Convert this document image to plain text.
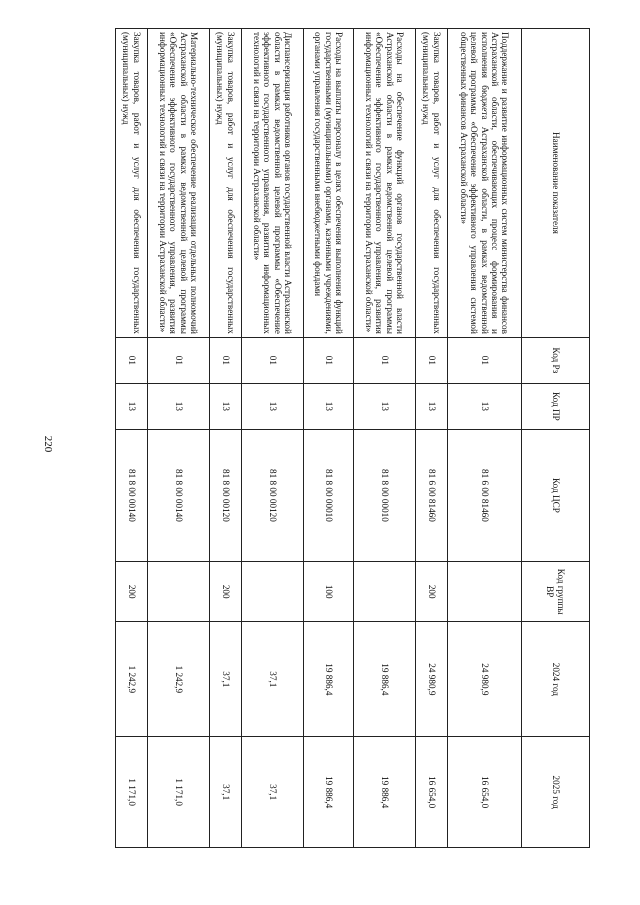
220
Наименование показателя	Код Рз	Код ПР	Код ЦСР	Код группы ВР	2024 год	2025 год
Поддержание и развитие информационных систем министерства финансов Астраханской области, обеспечивающих процесс формирования и исполнения бюджета Астраханской области, в рамках ведомственной целевой программы «Обеспечение эффективного управления системой общественных финансов Астраханской области»	01	13	81 6 00 81460		24 980,9	16 654,0
Закупка товаров, работ и услуг для обеспечения государственных (муниципальных) нужд	01	13	81 6 00 81460	200	24 980,9	16 654,0
Расходы на обеспечение функций органов государственной власти Астраханской области в рамках ведомственной целевой программы «Обеспечение эффективного государственного управления, развития информационных технологий и связи на территории Астраханской области»	01	13	81 8 00 00010		19 886,4	19 886,4
Расходы на выплаты персоналу в целях обеспечения выполнения функций государственными (муниципальными) органами, казенными учреждениями, органами управления государственными внебюджетными фондами	01	13	81 8 00 00010	100	19 886,4	19 886,4
Диспансеризация работников органов государственной власти Астраханской области в рамках ведомственной целевой программы «Обеспечение эффективного государственного управления, развития информационных технологий и связи на территории Астраханской области»	01	13	81 8 00 00120		37,1	37,1
Закупка товаров, работ и услуг для обеспечения государственных (муниципальных) нужд	01	13	81 8 00 00120	200	37,1	37,1
Материально-техническое обеспечение реализации отдельных полномочий Астраханской области в рамках ведомственной целевой программы «Обеспечение эффективного государственного управления, развития информационных технологий и связи на территории Астраханской области»	01	13	81 8 00 00140		1 242,9	1 171,0
Закупка товаров, работ и услуг для обеспечения государственных (муниципальных) нужд	01	13	81 8 00 00140	200	1 242,9	1 171,0
